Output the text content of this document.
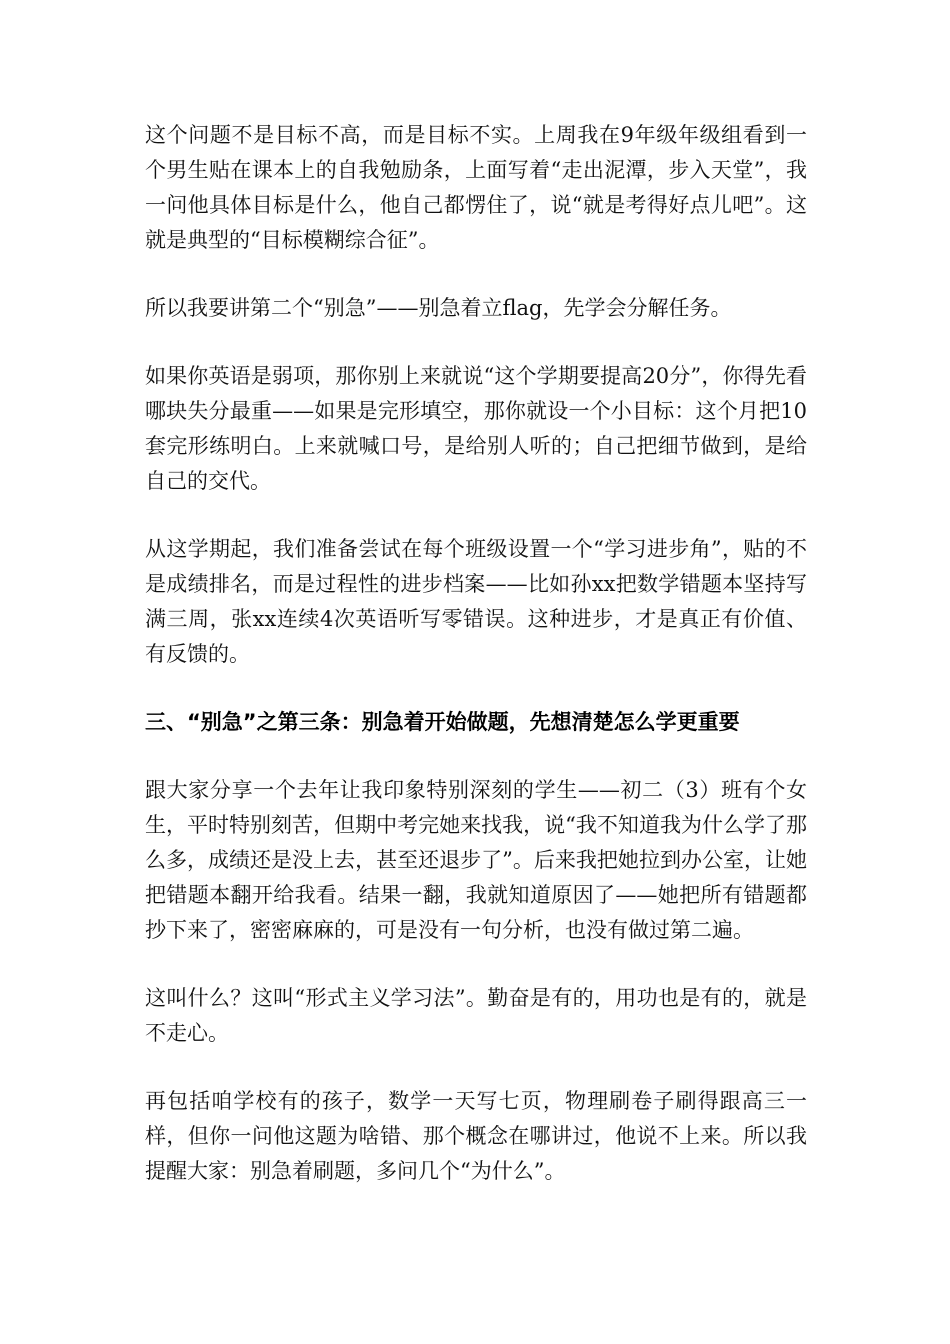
这个问题不是目标不高，而是目标不实。上周我在9年级年级组看到一个男生贴在课本上的自我勉励条，上面写着“走出泥潭，步入天堂”，我一问他具体目标是什么，他自己都愣住了，说“就是考得好点儿吧”。这就是典型的“目标模糊综合征”。

所以我要讲第二个“别急”——别急着立flag，先学会分解任务。

如果你英语是弱项，那你别上来就说“这个学期要提高20分”，你得先看哪块失分最重——如果是完形填空，那你就设一个小目标：这个月把10套完形练明白。上来就喊口号，是给别人听的；自己把细节做到，是给自己的交代。

从这学期起，我们准备尝试在每个班级设置一个“学习进步角”，贴的不是成绩排名，而是过程性的进步档案——比如孙xx把数学错题本坚持写满三周，张xx连续4次英语听写零错误。这种进步，才是真正有价值、有反馈的。

三、“别急”之第三条：别急着开始做题，先想清楚怎么学更重要

跟大家分享一个去年让我印象特别深刻的学生——初二（3）班有个女生，平时特别刻苦，但期中考完她来找我，说“我不知道我为什么学了那么多，成绩还是没上去，甚至还退步了”。后来我把她拉到办公室，让她把错题本翻开给我看。结果一翻，我就知道原因了——她把所有错题都抄下来了，密密麻麻的，可是没有一句分析，也没有做过第二遍。

这叫什么？这叫“形式主义学习法”。勤奋是有的，用功也是有的，就是不走心。

再包括咱学校有的孩子，数学一天写七页，物理刷卷子刷得跟高三一样，但你一问他这题为啥错、那个概念在哪讲过，他说不上来。所以我提醒大家：别急着刷题，多问几个“为什么”。
